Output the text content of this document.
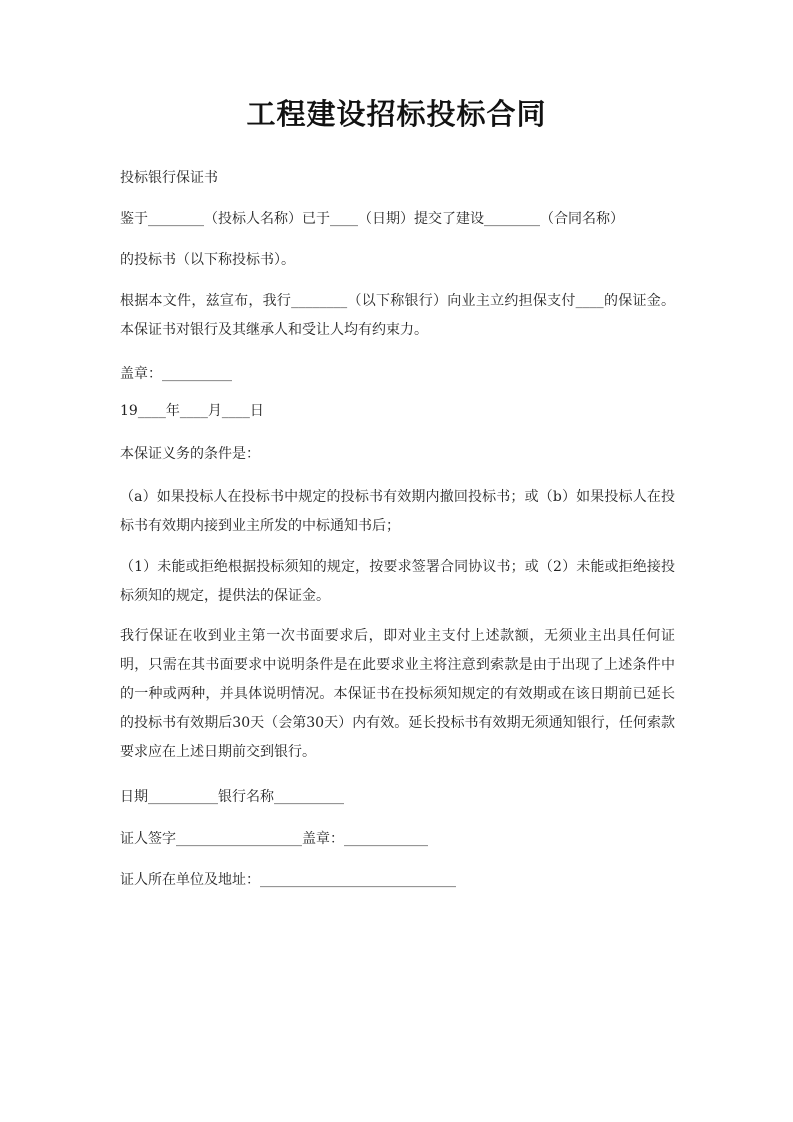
工程建设招标投标合同

投标银行保证书

鉴于________（投标人名称）已于____（日期）提交了建设________（合同名称）

的投标书（以下称投标书）。

根据本文件，兹宣布，我行________（以下称银行）向业主立约担保支付____的保证金。本保证书对银行及其继承人和受让人均有约束力。

盖章：__________

19____年____月____日

本保证义务的条件是：

（a）如果投标人在投标书中规定的投标书有效期内撤回投标书；或（b）如果投标人在投标书有效期内接到业主所发的中标通知书后；

（1）未能或拒绝根据投标须知的规定，按要求签署合同协议书；或（2）未能或拒绝接投标须知的规定，提供法的保证金。

我行保证在收到业主第一次书面要求后，即对业主支付上述款额，无须业主出具任何证明，只需在其书面要求中说明条件是在此要求业主将注意到索款是由于出现了上述条件中的一种或两种，并具体说明情况。本保证书在投标须知规定的有效期或在该日期前已延长的投标书有效期后30天（会第30天）内有效。延长投标书有效期无须通知银行，任何索款要求应在上述日期前交到银行。

日期__________银行名称__________

证人签字__________________盖章：____________

证人所在单位及地址：____________________________
